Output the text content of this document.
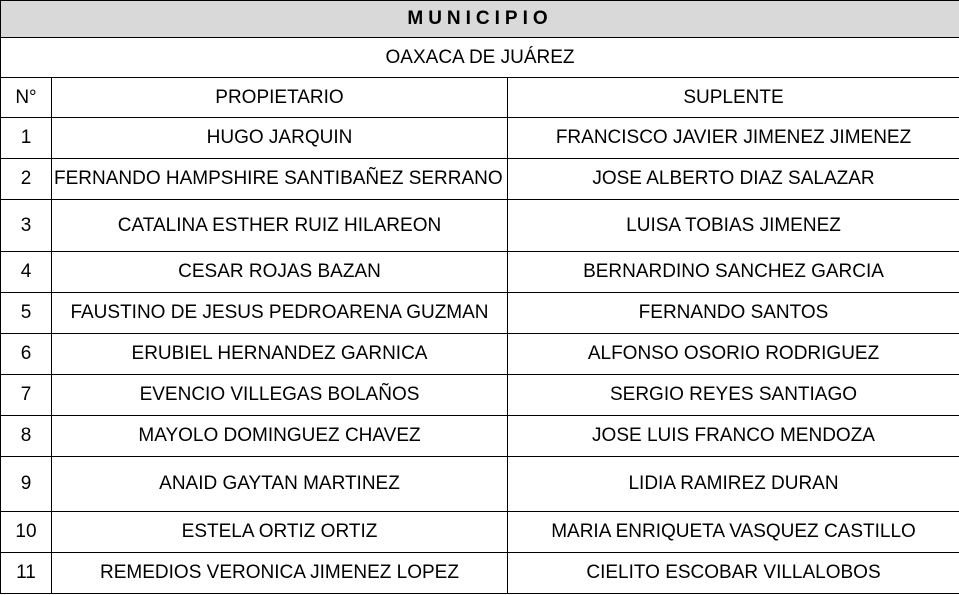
MUNICIPIO		
OAXACA DE JUÁREZ		
N°	PROPIETARIO	SUPLENTE
1	HUGO JARQUIN	FRANCISCO JAVIER JIMENEZ JIMENEZ
2	FERNANDO HAMPSHIRE SANTIBAÑEZ SERRANO	JOSE ALBERTO DIAZ SALAZAR
3	CATALINA ESTHER RUIZ HILAREON	LUISA TOBIAS JIMENEZ
4	CESAR ROJAS BAZAN	BERNARDINO SANCHEZ GARCIA
5	FAUSTINO DE JESUS PEDROARENA GUZMAN	FERNANDO SANTOS
6	ERUBIEL HERNANDEZ GARNICA	ALFONSO OSORIO RODRIGUEZ
7	EVENCIO VILLEGAS BOLAÑOS	SERGIO REYES SANTIAGO
8	MAYOLO DOMINGUEZ CHAVEZ	JOSE LUIS FRANCO MENDOZA
9	ANAID GAYTAN MARTINEZ	LIDIA RAMIREZ DURAN
10	ESTELA ORTIZ ORTIZ	MARIA ENRIQUETA VASQUEZ CASTILLO
11	REMEDIOS VERONICA JIMENEZ LOPEZ	CIELITO ESCOBAR VILLALOBOS
